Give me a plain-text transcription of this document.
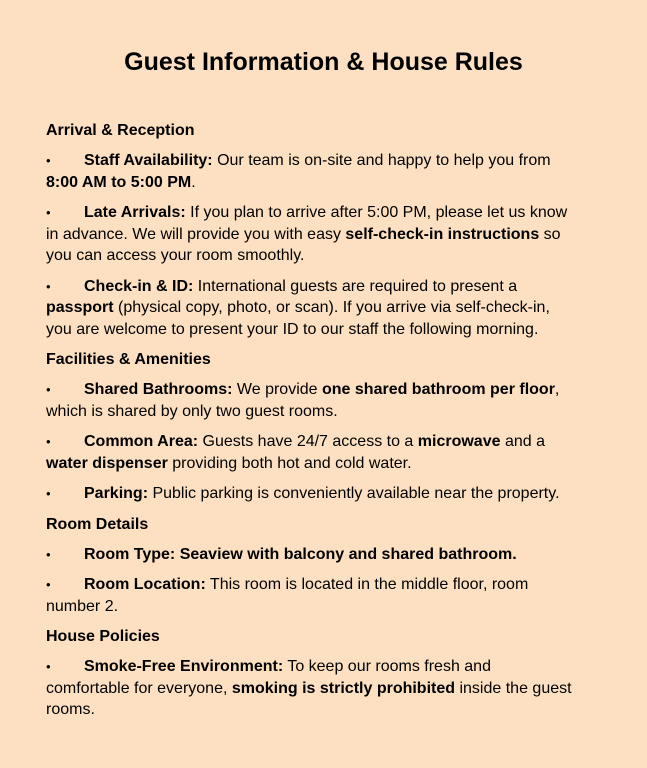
Guest Information & House Rules
Arrival & Reception

• Staff Availability: Our team is on-site and happy to help you from 8:00 AM to 5:00 PM.

• Late Arrivals: If you plan to arrive after 5:00 PM, please let us know in advance. We will provide you with easy self-check-in instructions so you can access your room smoothly.

• Check-in & ID: International guests are required to present a passport (physical copy, photo, or scan). If you arrive via self-check-in, you are welcome to present your ID to our staff the following morning.

Facilities & Amenities

• Shared Bathrooms: We provide one shared bathroom per floor, which is shared by only two guest rooms.

• Common Area: Guests have 24/7 access to a microwave and a water dispenser providing both hot and cold water.

• Parking: Public parking is conveniently available near the property.

Room Details

• Room Type: Seaview with balcony and shared bathroom.

• Room Location: This room is located in the middle floor, room number 2.

House Policies

• Smoke-Free Environment: To keep our rooms fresh and comfortable for everyone, smoking is strictly prohibited inside the guest rooms.
